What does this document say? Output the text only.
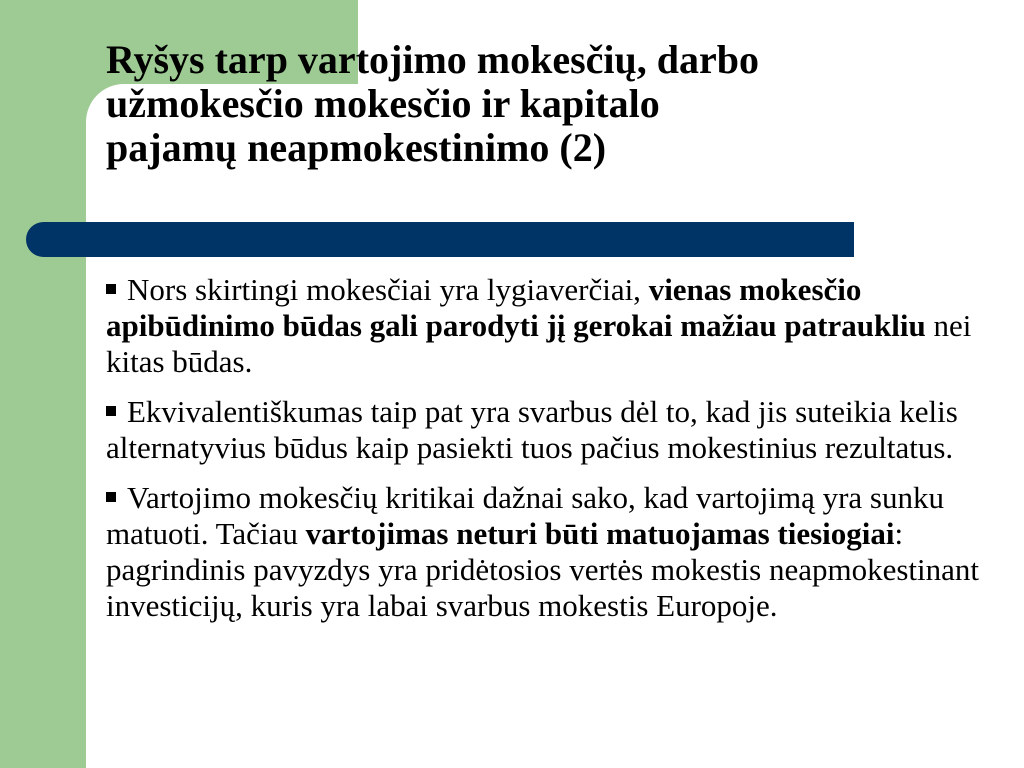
Ryšys tarp vartojimo mokesčių, darbo
užmokesčio mokesčio ir kapitalo
pajamų neapmokestinimo (2)

Nors skirtingi mokesčiai yra lygiaverčiai, vienas mokesčio apibūdinimo būdas gali parodyti jį gerokai mažiau patraukliu nei kitas būdas.

Ekvivalentiškumas taip pat yra svarbus dėl to, kad jis suteikia kelis alternatyvius būdus kaip pasiekti tuos pačius mokestinius rezultatus.

Vartojimo mokesčių kritikai dažnai sako, kad vartojimą yra sunku matuoti. Tačiau vartojimas neturi būti matuojamas tiesiogiai: pagrindinis pavyzdys yra pridėtosios vertės mokestis neapmokestinant investicijų, kuris yra labai svarbus mokestis Europoje.
